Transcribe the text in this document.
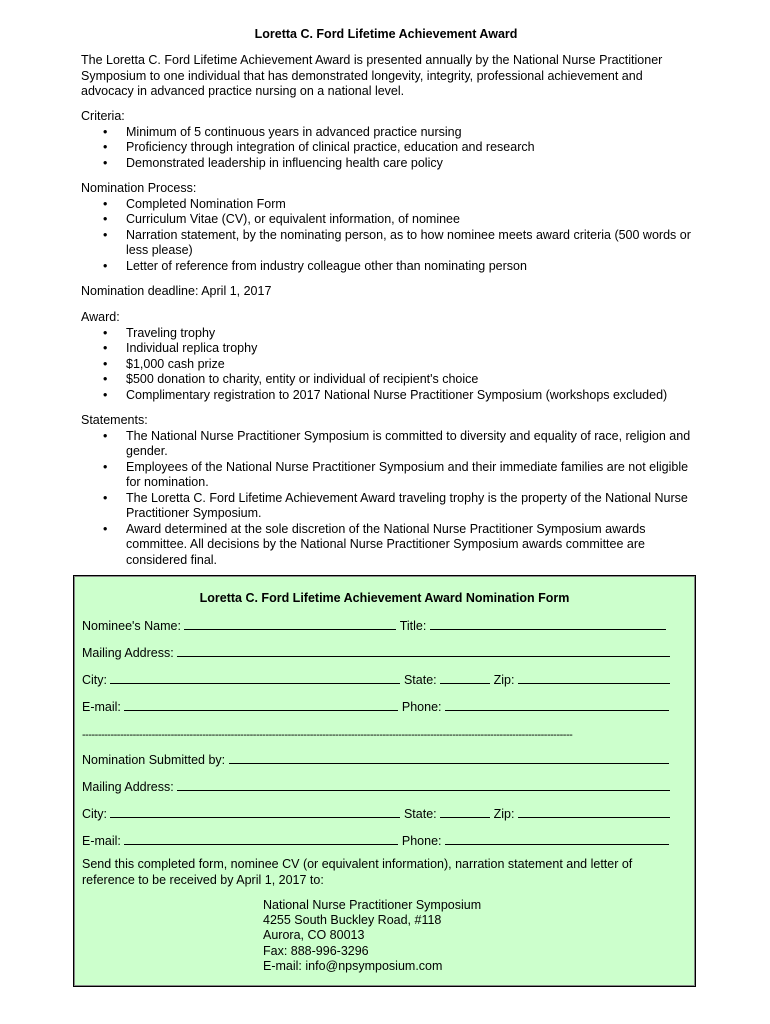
Loretta C. Ford Lifetime Achievement Award

The Loretta C. Ford Lifetime Achievement Award is presented annually by the National Nurse Practitioner Symposium to one individual that has demonstrated longevity, integrity, professional achievement and advocacy in advanced practice nursing on a national level.

Criteria:

• Minimum of 5 continuous years in advanced practice nursing
• Proficiency through integration of clinical practice, education and research
• Demonstrated leadership in influencing health care policy

Nomination Process:

• Completed Nomination Form
• Curriculum Vitae (CV), or equivalent information, of nominee
• Narration statement, by the nominating person, as to how nominee meets award criteria (500 words or less please)
• Letter of reference from industry colleague other than nominating person

Nomination deadline: April 1, 2017

Award:

• Traveling trophy
• Individual replica trophy
• $1,000 cash prize
• $500 donation to charity, entity or individual of recipient's choice
• Complimentary registration to 2017 National Nurse Practitioner Symposium (workshops excluded)

Statements:

• The National Nurse Practitioner Symposium is committed to diversity and equality of race, religion and gender.
• Employees of the National Nurse Practitioner Symposium and their immediate families are not eligible for nomination.
• The Loretta C. Ford Lifetime Achievement Award traveling trophy is the property of the National Nurse Practitioner Symposium.
• Award determined at the sole discretion of the National Nurse Practitioner Symposium awards committee. All decisions by the National Nurse Practitioner Symposium awards committee are considered final.

Loretta C. Ford Lifetime Achievement Award Nomination Form

Nominee's Name:	Title:
Mailing Address:
City:	State:	Zip:
E-mail:	Phone:
-----------------------------------------------------------------------------------------------------------------------------------------------------------
Nomination Submitted by:
Mailing Address:
City:	State:	Zip:
E-mail:	Phone:

Send this completed form, nominee CV (or equivalent information), narration statement and letter of reference to be received by April 1, 2017 to:

National Nurse Practitioner Symposium
4255 South Buckley Road, #118
Aurora, CO 80013
Fax: 888-996-3296
E-mail: info@npsymposium.com
